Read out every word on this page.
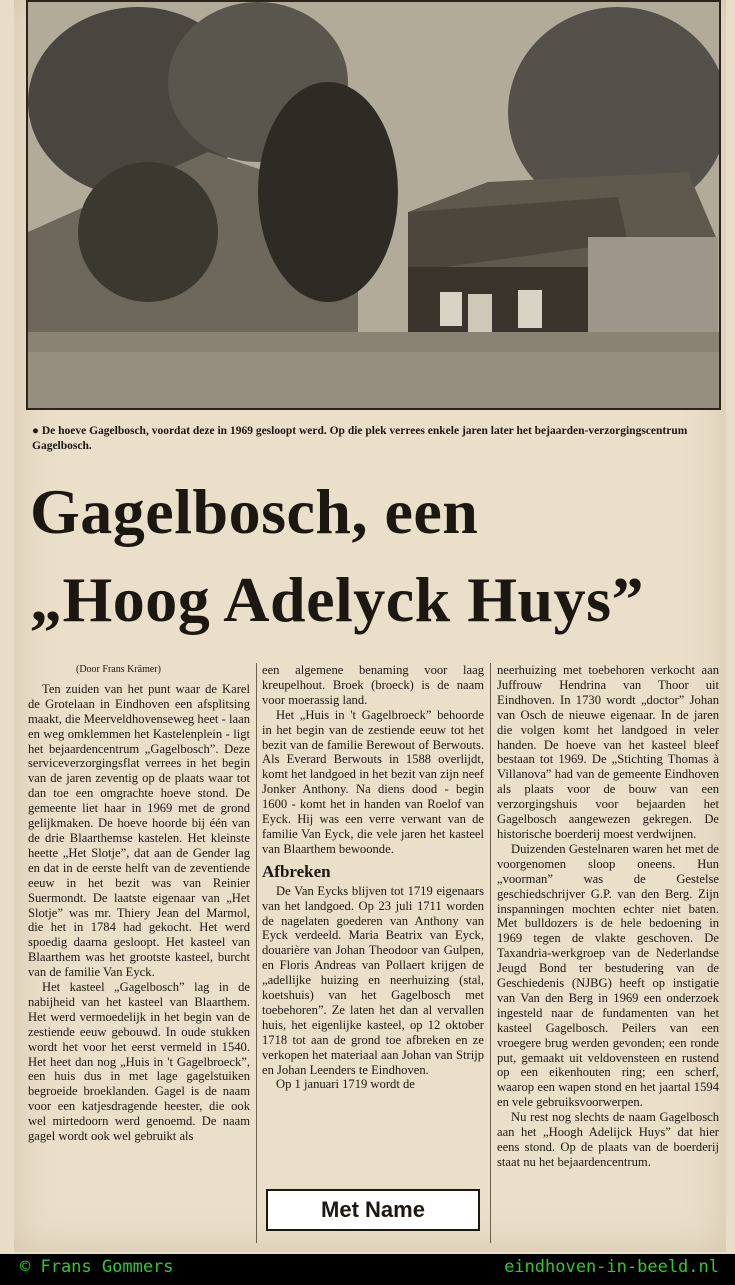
● De hoeve Gagelbosch, voordat deze in 1969 gesloopt werd. Op die plek verrees enkele jaren later het bejaarden-verzorgingscentrum Gagelbosch.
Gagelbosch, een
„Hoog Adelyck Huys”
(Door Frans Krämer)

Ten zuiden van het punt waar de Karel de Grotelaan in Eindhoven een afsplitsing maakt, die Meerveldhovenseweg heet - laan en weg omklemmen het Kastelenplein - ligt het bejaardencentrum „Gagelbosch”. Deze serviceverzorgingsflat verrees in het begin van de jaren zeventig op de plaats waar tot dan toe een omgrachte hoeve stond. De gemeente liet haar in 1969 met de grond gelijkmaken. De hoeve hoorde bij één van de drie Blaarthemse kastelen. Het kleinste heette „Het Slotje”, dat aan de Gender lag en dat in de eerste helft van de zeventiende eeuw in het bezit was van Reinier Suermondt. De laatste eigenaar van „Het Slotje” was mr. Thiery Jean del Marmol, die het in 1784 had gekocht. Het werd spoedig daarna gesloopt. Het kasteel van Blaarthem was het grootste kasteel, burcht van de familie Van Eyck.

Het kasteel „Gagelbosch” lag in de nabijheid van het kasteel van Blaarthem. Het werd vermoedelijk in het begin van de zestiende eeuw gebouwd. In oude stukken wordt het voor het eerst vermeld in 1540. Het heet dan nog „Huis in 't Gagelbroeck”, een huis dus in met lage gagelstuiken begroeide broeklanden. Gagel is de naam voor een katjesdragende heester, die ook wel mirtedoorn werd genoemd. De naam gagel wordt ook wel gebruikt als

een algemene benaming voor laag kreupelhout. Broek (broeck) is de naam voor moerassig land.

Het „Huis in 't Gagelbroeck” behoorde in het begin van de zestiende eeuw tot het bezit van de familie Berewout of Berwouts. Als Everard Berwouts in 1588 overlijdt, komt het landgoed in het bezit van zijn neef Jonker Anthony. Na diens dood - begin 1600 - komt het in handen van Roelof van Eyck. Hij was een verre verwant van de familie Van Eyck, die vele jaren het kasteel van Blaarthem bewoonde.

Afbreken

De Van Eycks blijven tot 1719 eigenaars van het landgoed. Op 23 juli 1711 worden de nagelaten goederen van Anthony van Eyck verdeeld. Maria Beatrix van Eyck, douarière van Johan Theodoor van Gulpen, en Floris Andreas van Pollaert krijgen de „adellijke huizing en neerhuizing (stal, koetshuis) van het Gagelbosch met toebehoren”. Ze laten het dan al vervallen huis, het eigenlijke kasteel, op 12 oktober 1718 tot aan de grond toe afbreken en ze verkopen het materiaal aan Johan van Strijp en Johan Leenders te Eindhoven.

Op 1 januari 1719 wordt de

Met Name

neerhuizing met toebehoren verkocht aan Juffrouw Hendrina van Thoor uit Eindhoven. In 1730 wordt „doctor” Johan van Osch de nieuwe eigenaar. In de jaren die volgen komt het landgoed in veler handen. De hoeve van het kasteel bleef bestaan tot 1969. De „Stichting Thomas à Villanova” had van de gemeente Eindhoven als plaats voor de bouw van een verzorgingshuis voor bejaarden het Gagelbosch aangewezen gekregen. De historische boerderij moest verdwijnen.

Duizenden Gestelnaren waren het met de voorgenomen sloop oneens. Hun „voorman” was de Gestelse geschiedschrijver G.P. van den Berg. Zijn inspanningen mochten echter niet baten. Met bulldozers is de hele bedoening in 1969 tegen de vlakte geschoven. De Taxandria-werkgroep van de Nederlandse Jeugd Bond ter bestudering van de Geschiedenis (NJBG) heeft op instigatie van Van den Berg in 1969 een onderzoek ingesteld naar de fundamenten van het kasteel Gagelbosch. Peilers van een vroegere brug werden gevonden; een ronde put, gemaakt uit veldovensteen en rustend op een eikenhouten ring; een scherf, waarop een wapen stond en het jaartal 1594 en vele gebruiksvoorwerpen.

Nu rest nog slechts de naam Gagelbosch aan het „Hoogh Adelijck Huys” dat hier eens stond. Op de plaats van de boerderij staat nu het bejaardencentrum.

© Frans Gommers	eindhoven-in-beeld.nl
